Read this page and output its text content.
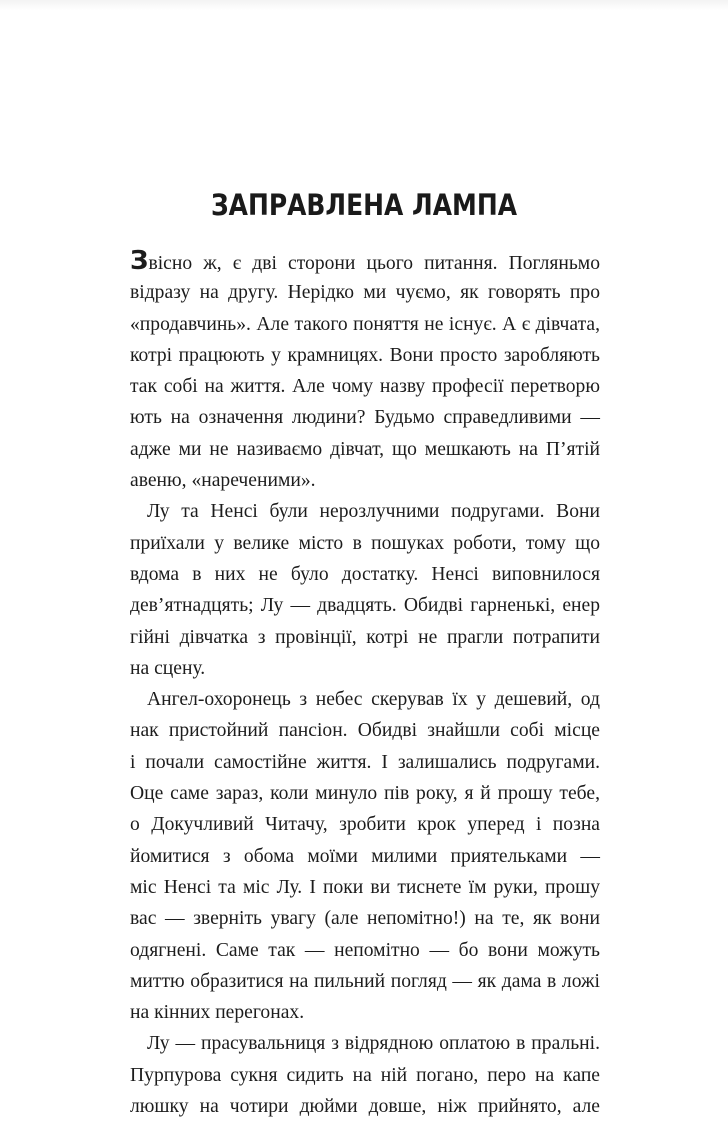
ЗАПРАВЛЕНА ЛАМПА
Звісно ж, є дві сторони цього питання. Погляньмо
відразу на другу. Нерідко ми чуємо, як говорять про
«продавчинь». Але такого поняття не існує. А є дівчата,
котрі працюють у крамницях. Вони просто заробляють
так собі на життя. Але чому назву професії перетворю
ють на означення людини? Будьмо справедливими —
адже ми не називаємо дівчат, що мешкають на П’ятій
авеню, «нареченими».
Лу та Ненсі були нерозлучними подругами. Вони
приїхали у велике місто в пошуках роботи, тому що
вдома в них не було достатку. Ненсі виповнилося
дев’ятнадцять; Лу — двадцять. Обидві гарненькі, енер
гійні дівчатка з провінції, котрі не прагли потрапити
на сцену.
Ангел-охоронець з небес скерував їх у дешевий, од
нак пристойний пансіон. Обидві знайшли собі місце
і почали самостійне життя. І залишались подругами.
Оце саме зараз, коли минуло пів року, я й прошу тебе,
о Докучливий Читачу, зробити крок уперед і позна
йомитися з обома моїми милими приятельками —
міс Ненсі та міс Лу. І поки ви тиснете їм руки, прошу
вас — зверніть увагу (але непомітно!) на те, як вони
одягнені. Саме так — непомітно — бо вони можуть
миттю образитися на пильний погляд — як дама в ложі
на кінних перегонах.
Лу — прасувальниця з відрядною оплатою в пральні.
Пурпурова сукня сидить на ній погано, перо на капе
люшку на чотири дюйми довше, ніж прийнято, але
